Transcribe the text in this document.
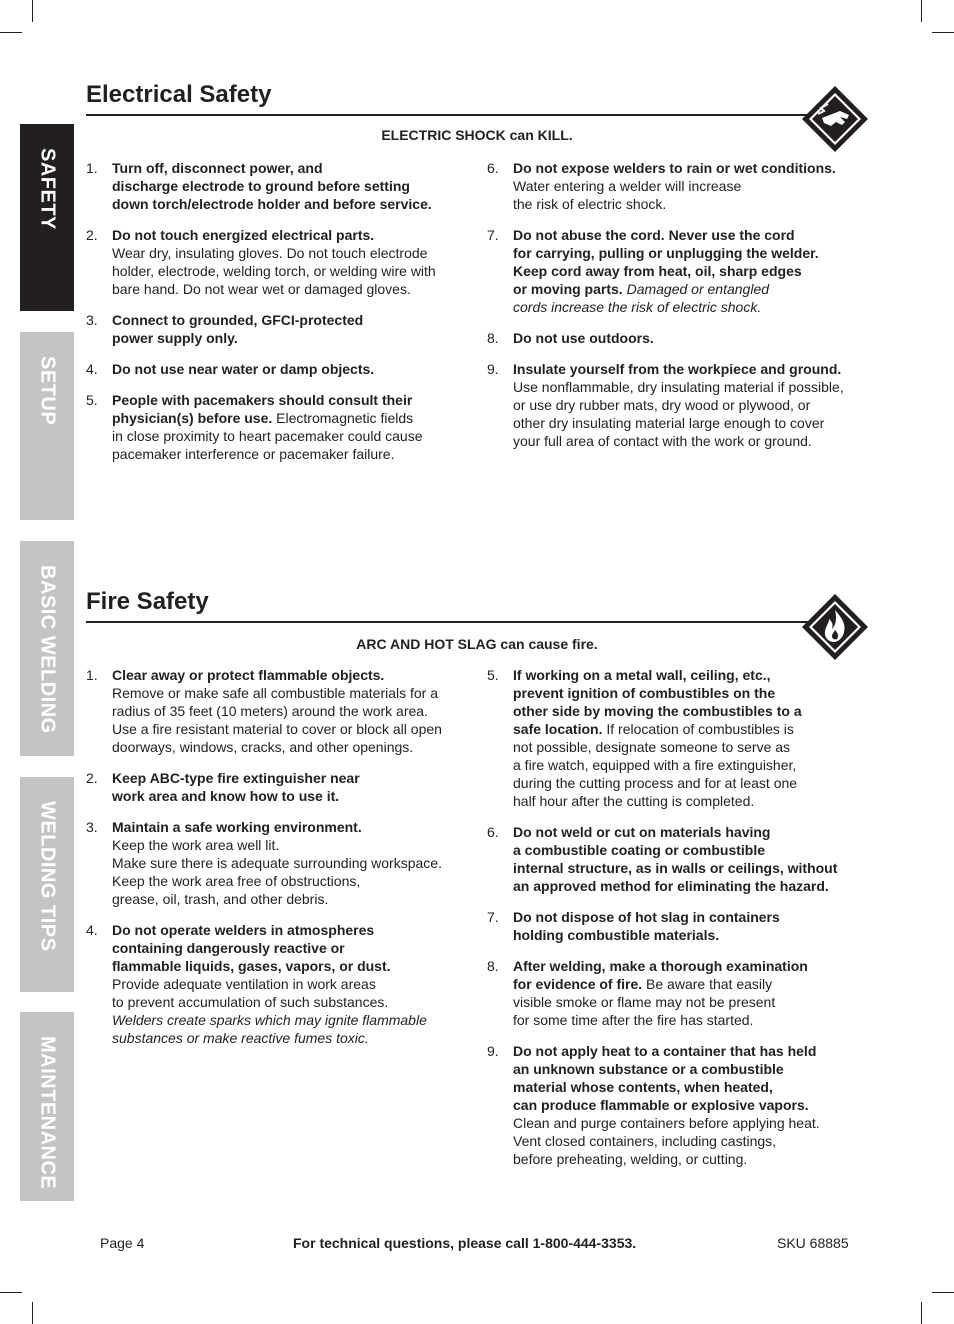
SAFETY
SETUP
BASIC WELDING
WELDING TIPS
MAINTENANCE
Electrical Safety
ELECTRIC SHOCK can KILL.
1.	Turn off, disconnect power, and
discharge electrode to ground before setting
down torch/electrode holder and before service.
2.	Do not touch energized electrical parts.
Wear dry, insulating gloves. Do not touch electrode
holder, electrode, welding torch, or welding wire with
bare hand. Do not wear wet or damaged gloves.
3.	Connect to grounded, GFCI-protected
power supply only.
4.	Do not use near water or damp objects.
5.	People with pacemakers should consult their
physician(s) before use. Electromagnetic fields
in close proximity to heart pacemaker could cause
pacemaker interference or pacemaker failure.
6.	Do not expose welders to rain or wet conditions.
Water entering a welder will increase
the risk of electric shock.
7.	Do not abuse the cord. Never use the cord
for carrying, pulling or unplugging the welder.
Keep cord away from heat, oil, sharp edges
or moving parts. Damaged or entangled
cords increase the risk of electric shock.
8.	Do not use outdoors.
9.	Insulate yourself from the workpiece and ground.
Use nonflammable, dry insulating material if possible,
or use dry rubber mats, dry wood or plywood, or
other dry insulating material large enough to cover
your full area of contact with the work or ground.
Fire Safety
ARC AND HOT SLAG can cause fire.
1.	Clear away or protect flammable objects.
Remove or make safe all combustible materials for a
radius of 35 feet (10 meters) around the work area.
Use a fire resistant material to cover or block all open
doorways, windows, cracks, and other openings.
2.	Keep ABC-type fire extinguisher near
work area and know how to use it.
3.	Maintain a safe working environment.
Keep the work area well lit.
Make sure there is adequate surrounding workspace.
Keep the work area free of obstructions,
grease, oil, trash, and other debris.
4.	Do not operate welders in atmospheres
containing dangerously reactive or
flammable liquids, gases, vapors, or dust.
Provide adequate ventilation in work areas
to prevent accumulation of such substances.
Welders create sparks which may ignite flammable
substances or make reactive fumes toxic.
5.	If working on a metal wall, ceiling, etc.,
prevent ignition of combustibles on the
other side by moving the combustibles to a
safe location. If relocation of combustibles is
not possible, designate someone to serve as
a fire watch, equipped with a fire extinguisher,
during the cutting process and for at least one
half hour after the cutting is completed.
6.	Do not weld or cut on materials having
a combustible coating or combustible
internal structure, as in walls or ceilings, without
an approved method for eliminating the hazard.
7.	Do not dispose of hot slag in containers
holding combustible materials.
8.	After welding, make a thorough examination
for evidence of fire. Be aware that easily
visible smoke or flame may not be present
for some time after the fire has started.
9.	Do not apply heat to a container that has held
an unknown substance or a combustible
material whose contents, when heated,
can produce flammable or explosive vapors.
Clean and purge containers before applying heat.
Vent closed containers, including castings,
before preheating, welding, or cutting.
Page 4	For technical questions, please call 1-800-444-3353.	SKU 68885
